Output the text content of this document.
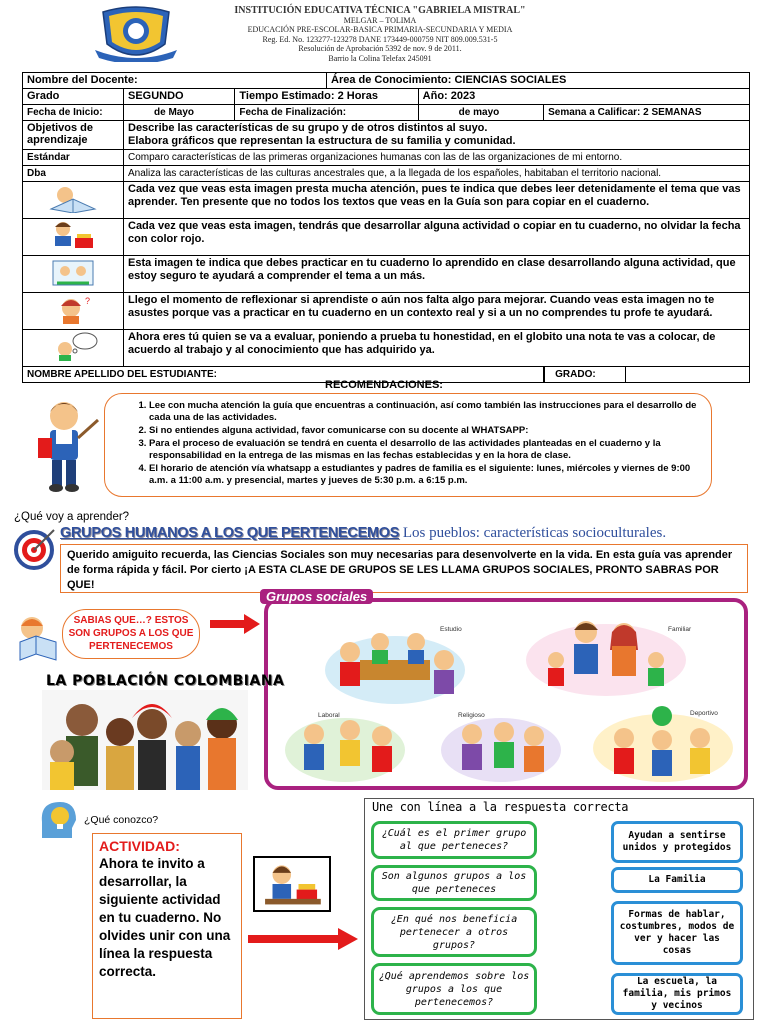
INSTITUCIÓN EDUCATIVA TÉCNICA "GABRIELA MISTRAL"
MELGAR – TOLIMA
EDUCACIÓN PRE-ESCOLAR-BASICA PRIMARIA-SECUNDARIA Y MEDIA
Reg. Ed. No. 123277-123278 DANE 173449-000759 NIT 809.009.531-5
Resolución de Aprobación 5392 de nov. 9 de 2011.
Barrio la Colina Telefax 245091
Nombre del Docente:			Área de Conocimiento: CIENCIAS SOCIALES		
Grado	SEGUNDO	Tiempo Estimado: 2 Horas		Año: 2023	
Fecha de Inicio:	de Mayo	Fecha de Finalización:		de mayo	Semana a Calificar: 2 SEMANAS
Objetivos de aprendizaje	Describe las características de su grupo y de otros distintos al suyo.
Elabora gráficos que representan la estructura de su familia y comunidad.				

Estándar	Comparo características de las primeras organizaciones humanas con las de las organizaciones de mi entorno.				
Dba	Analiza las características de las culturas ancestrales que, a la llegada de los españoles, habitaban el territorio nacional.				
	Cada vez que veas esta imagen presta mucha atención, pues te indica que debes leer detenidamente el tema que vas aprender. Ten presente que no todos los textos que veas en la Guía son para copiar en el cuaderno.				
	Cada vez que veas esta imagen, tendrás que desarrollar alguna actividad o copiar en tu cuaderno, no olvidar la fecha con color rojo.				
	Esta imagen te indica que debes practicar en tu cuaderno lo aprendido en clase desarrollando alguna actividad, que estoy seguro te ayudará a comprender el tema a un más.				

?	Llego el momento de reflexionar si aprendiste o aún nos falta algo para mejorar. Cuando veas esta imagen no te asustes porque vas a practicar en tu cuaderno en un contexto real y si a un no comprendes tu profe te ayudará.				
	Ahora eres tú quien se va a evaluar, poniendo a prueba tu honestidad, en el globito una nota te vas a colocar, de acuerdo al trabajo y al conocimiento que has adquirido ya.				
NOMBRE APELLIDO DEL ESTUDIANTE:					GRADO:
RECOMENDACIONES:
1. Lee con mucha atención la guía que encuentras a continuación, así como también las instrucciones para el desarrollo de cada una de las actividades.
2. Si no entiendes alguna actividad, favor comunicarse con su docente al WHATSAPP:
3. Para el proceso de evaluación se tendrá en cuenta el desarrollo de las actividades planteadas en el cuaderno y la responsabilidad en la entrega de las mismas en las fechas establecidas y en la hora de clase.
4. El horario de atención vía whatsapp a estudiantes y padres de familia es el siguiente: lunes, miércoles y viernes de 9:00 a.m. a 11:00 a.m. y presencial, martes y jueves de 5:30 p.m. a 6:15 p.m.
¿Qué voy a aprender?
GRUPOS HUMANOS A LOS QUE PERTENECEMOS Los pueblos: características socioculturales.
Querido amiguito recuerda, las Ciencias Sociales son muy necesarias para desenvolverte en la vida. En esta guía vas aprender de forma rápida y fácil. Por cierto ¡A ESTA CLASE DE GRUPOS SE LES LLAMA GRUPOS SOCIALES, PRONTO SABRAS POR QUE!
SABIAS QUE…? ESTOS SON GRUPOS A LOS QUE PERTENECEMOS
Estudio	Familiar
Laboral	Religioso	Deportivo
Grupos sociales
LA POBLACIÓN COLOMBIANA
¿Qué conozco?
ACTIVIDAD:
Ahora te invito a desarrollar, la siguiente actividad en tu cuaderno. No olvides unir con una línea la respuesta correcta.
¿Cuál es el primer grupo al que perteneces?
Son algunos grupos a los que perteneces
¿En qué nos beneficia pertenecer a otros grupos?
¿Qué aprendemos sobre los grupos a los que pertenecemos?
Ayudan a sentirse unidos y protegidos
La Familia
Formas de hablar, costumbres, modos de ver y hacer las cosas
La escuela, la familia, mis primos y vecinos
Une con línea a la respuesta correcta
